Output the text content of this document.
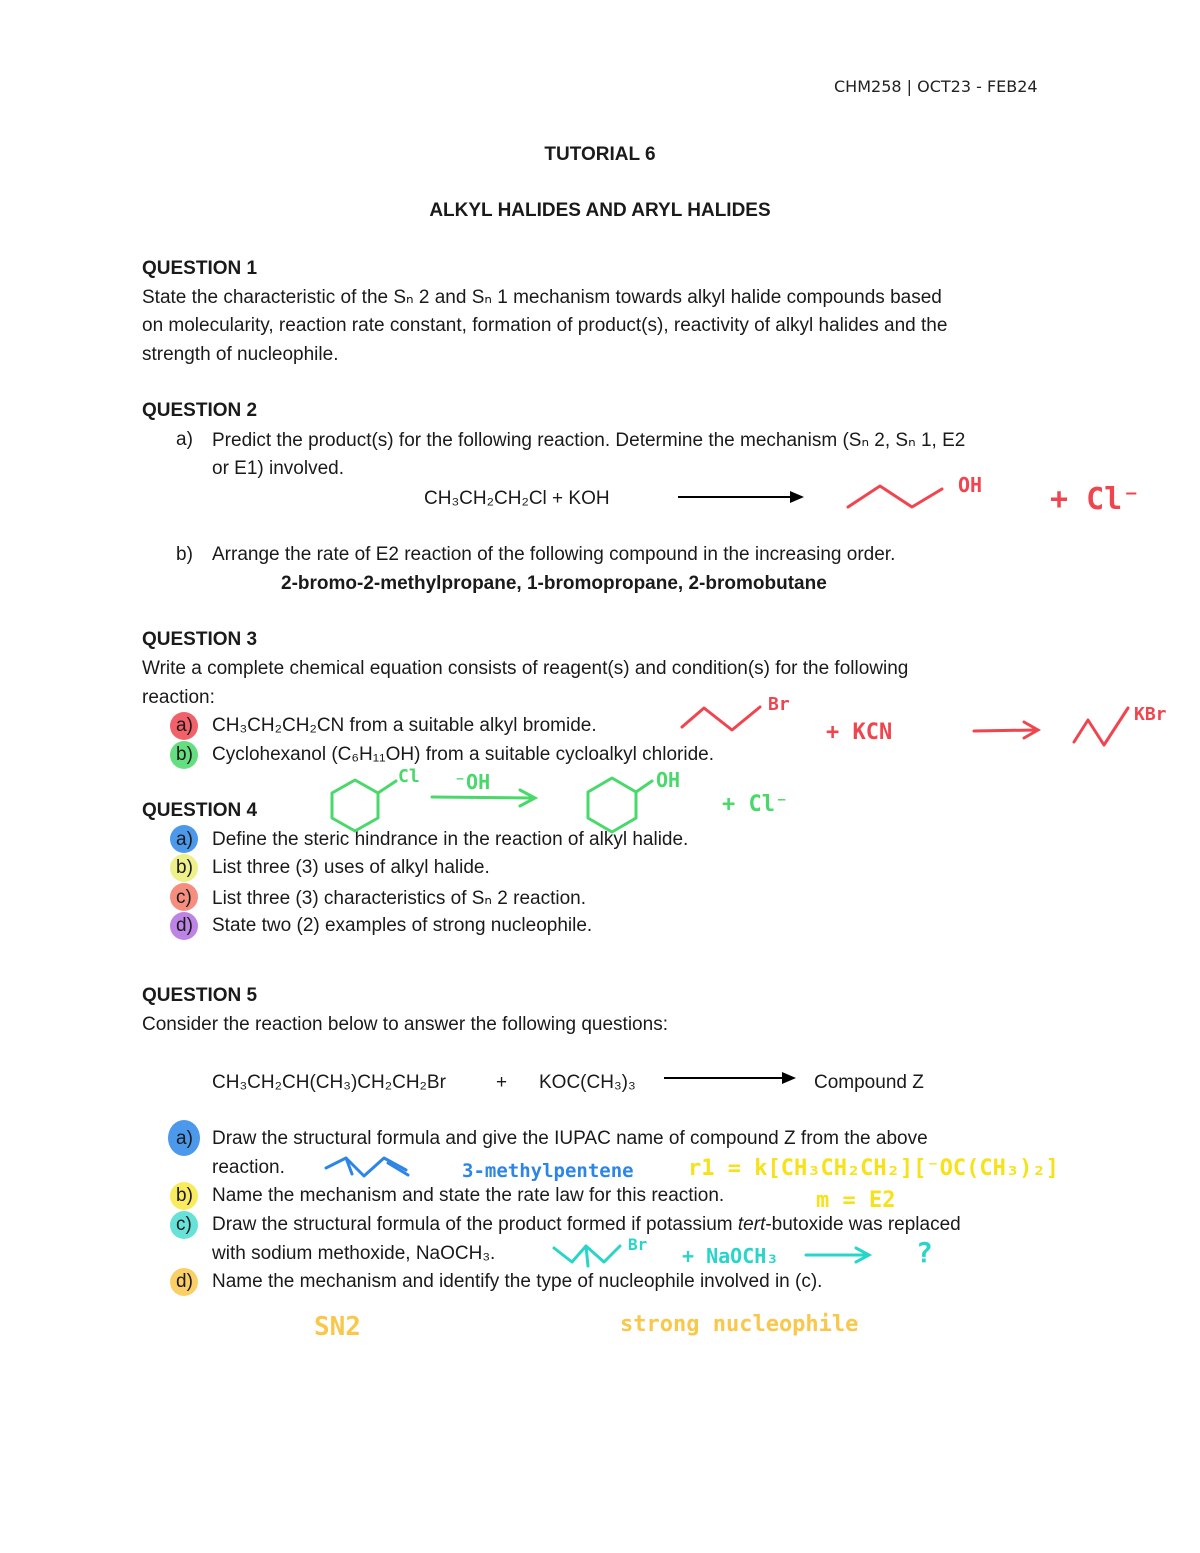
CHM258 | OCT23 - FEB24
TUTORIAL 6
ALKYL HALIDES AND ARYL HALIDES
QUESTION 1
State the characteristic of the Sₙ 2 and Sₙ 1 mechanism towards alkyl halide compounds based
on molecularity, reaction rate constant, formation of product(s), reactivity of alkyl halides and the
strength of nucleophile.
QUESTION 2
a) Predict the product(s) for the following reaction. Determine the mechanism (Sₙ 2, Sₙ 1, E2
or E1) involved.
CH₃CH₂CH₂Cl + KOH
b) Arrange the rate of E2 reaction of the following compound in the increasing order.
2-bromo-2-methylpropane, 1-bromopropane, 2-bromobutane
QUESTION 3
Write a complete chemical equation consists of reagent(s) and condition(s) for the following
reaction:
a) CH₃CH₂CH₂CN from a suitable alkyl bromide.
b) Cyclohexanol (C₆H₁₁OH) from a suitable cycloalkyl chloride.
QUESTION 4
a) Define the steric hindrance in the reaction of alkyl halide.
b) List three (3) uses of alkyl halide.
c) List three (3) characteristics of Sₙ 2 reaction.
d) State two (2) examples of strong nucleophile.
QUESTION 5
Consider the reaction below to answer the following questions:
CH₃CH₂CH(CH₃)CH₂CH₂Br	+ KOC(CH₃)₃	Compound Z
a) Draw the structural formula and give the IUPAC name of compound Z from the above
reaction.
b) Name the mechanism and state the rate law for this reaction.
c) Draw the structural formula of the product formed if potassium tert-butoxide was replaced
with sodium methoxide, NaOCH₃.
d) Name the mechanism and identify the type of nucleophile involved in (c).
OH + Cl⁻
Br
+ KCN
KBr
Cl ⁻OH	OH
+ Cl⁻
3-methylpentene r1 = k[CH₃CH₂CH₂][⁻OC(CH₃)₂]
m = E2
Br + NaOCH₃	?
SN2	strong nucleophile
